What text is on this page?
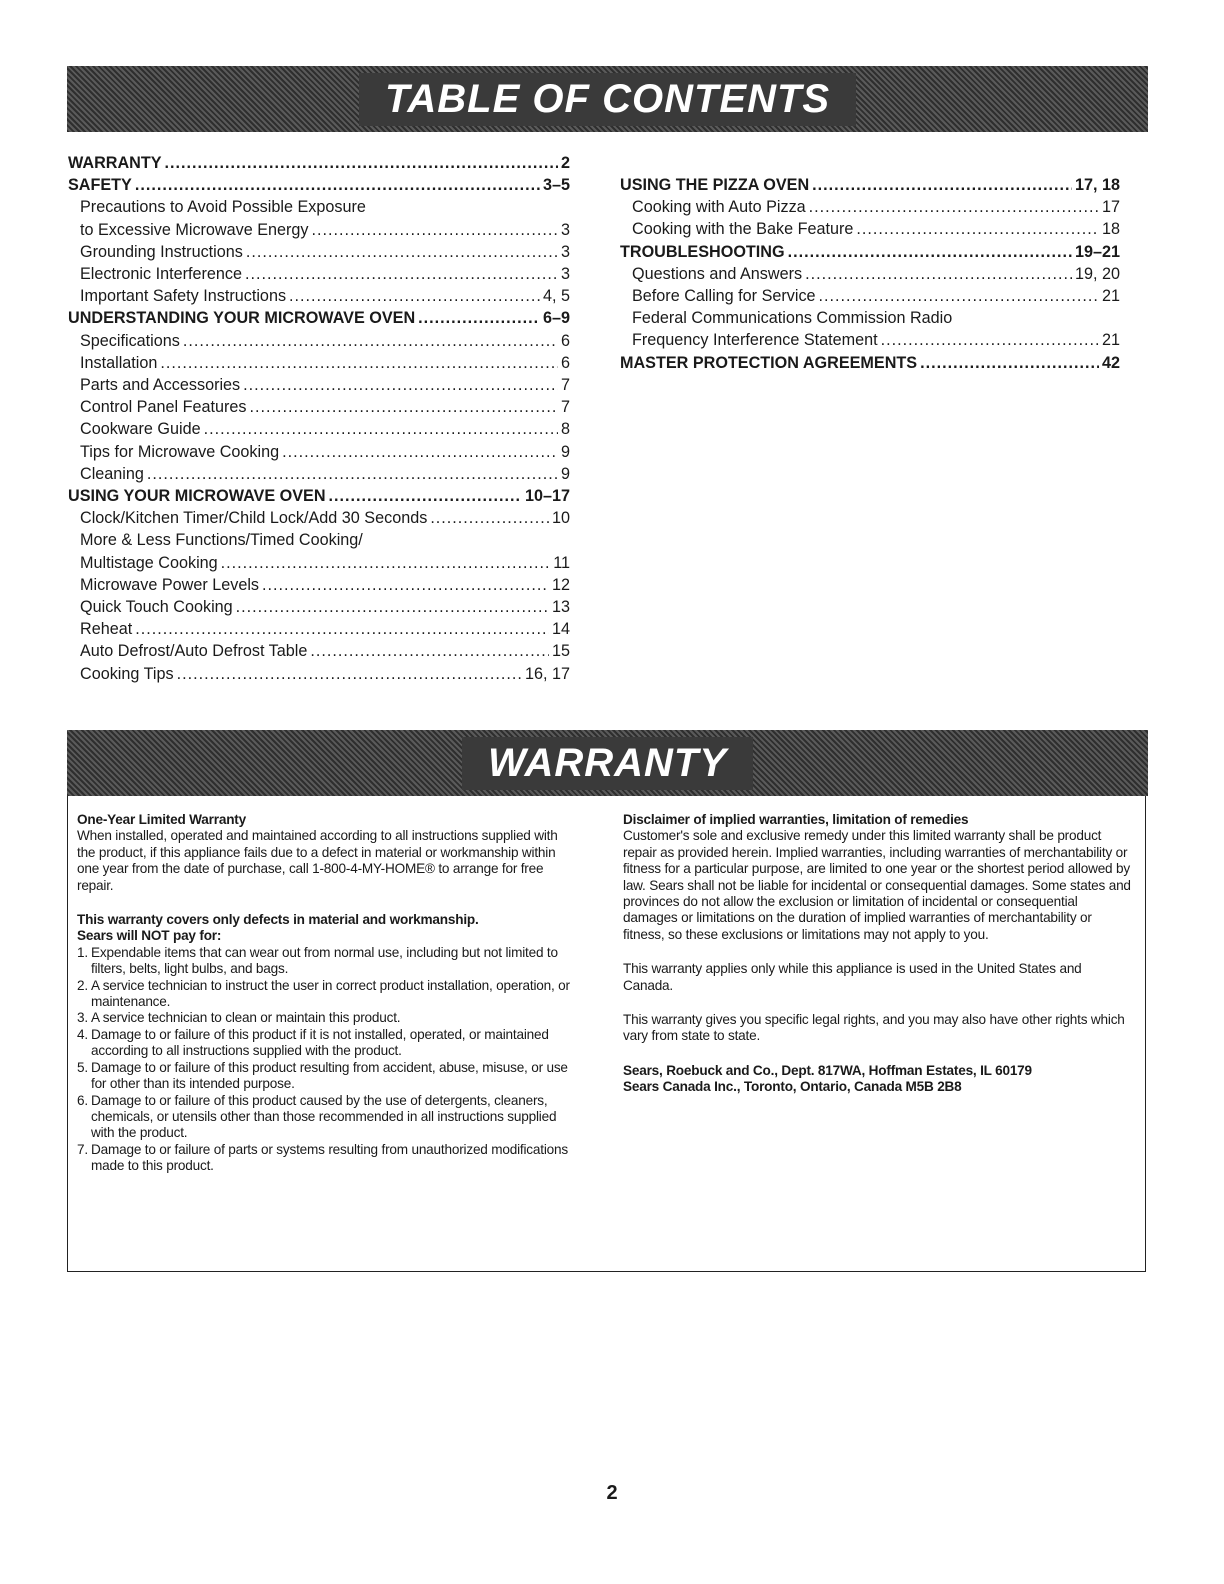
TABLE OF CONTENTS
WARRANTY .....	2
SAFETY .....	3–5
Precautions to Avoid Possible Exposure
to Excessive Microwave Energy .....	3
Grounding Instructions .....	3
Electronic Interference .....	3
Important Safety Instructions .....	4, 5
UNDERSTANDING YOUR MICROWAVE OVEN .....	6–9
Specifications .....	6
Installation .....	6
Parts and Accessories .....	7
Control Panel Features .....	7
Cookware Guide .....	8
Tips for Microwave Cooking .....	9
Cleaning .....	9
USING YOUR MICROWAVE OVEN .....	10–17
Clock/Kitchen Timer/Child Lock/Add 30 Seconds .....	10
More & Less Functions/Timed Cooking/
Multistage Cooking .....	11
Microwave Power Levels .....	12
Quick Touch Cooking .....	13
Reheat .....	14
Auto Defrost/Auto Defrost Table .....	15
Cooking Tips .....	16, 17
USING THE PIZZA OVEN .....	17, 18
Cooking with Auto Pizza .....	17
Cooking with the Bake Feature .....	18
TROUBLESHOOTING .....	19–21
Questions and Answers .....	19, 20
Before Calling for Service .....	21
Federal Communications Commission Radio
Frequency Interference Statement .....	21
MASTER PROTECTION AGREEMENTS .....	42
WARRANTY
One-Year Limited Warranty

When installed, operated and maintained according to all instructions supplied with the product, if this appliance fails due to a defect in material or workmanship within one year from the date of purchase, call 1-800-4-MY-HOME® to arrange for free repair.

This warranty covers only defects in material and workmanship.
Sears will NOT pay for:
1. Expendable items that can wear out from normal use, including but not limited to filters, belts, light bulbs, and bags.
2. A service technician to instruct the user in correct product installation, operation, or maintenance.
3. A service technician to clean or maintain this product.
4. Damage to or failure of this product if it is not installed, operated, or maintained according to all instructions supplied with the product.
5. Damage to or failure of this product resulting from accident, abuse, misuse, or use for other than its intended purpose.
6. Damage to or failure of this product caused by the use of detergents, cleaners, chemicals, or utensils other than those recommended in all instructions supplied with the product.
7. Damage to or failure of parts or systems resulting from unauthorized modifications made to this product.
Disclaimer of implied warranties, limitation of remedies

Customer's sole and exclusive remedy under this limited warranty shall be product repair as provided herein. Implied warranties, including warranties of merchantability or fitness for a particular purpose, are limited to one year or the shortest period allowed by law. Sears shall not be liable for incidental or consequential damages. Some states and provinces do not allow the exclusion or limitation of incidental or consequential damages or limitations on the duration of implied warranties of merchantability or fitness, so these exclusions or limitations may not apply to you.

This warranty applies only while this appliance is used in the United States and Canada.

This warranty gives you specific legal rights, and you may also have other rights which vary from state to state.

Sears, Roebuck and Co., Dept. 817WA, Hoffman Estates, IL 60179
Sears Canada Inc., Toronto, Ontario, Canada M5B 2B8
2
